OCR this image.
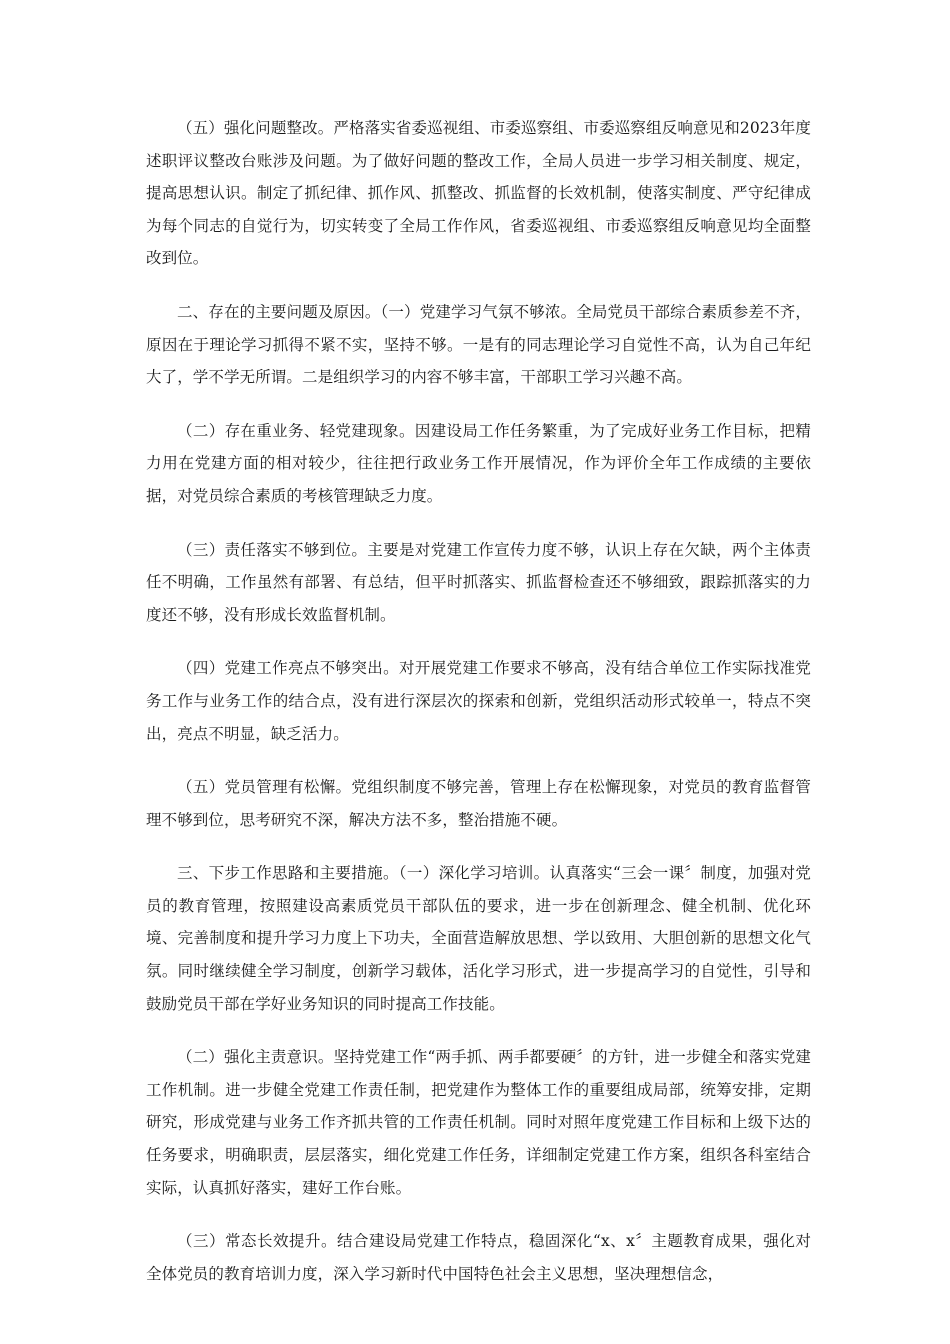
（五）强化问题整改。严格落实省委巡视组、市委巡察组、市委巡察组反响意见和2023年度述职评议整改台账涉及问题。为了做好问题的整改工作，全局人员进一步学习相关制度、规定，提高思想认识。制定了抓纪律、抓作风、抓整改、抓监督的长效机制，使落实制度、严守纪律成为每个同志的自觉行为，切实转变了全局工作作风，省委巡视组、市委巡察组反响意见均全面整改到位。

二、存在的主要问题及原因。（一）党建学习气氛不够浓。全局党员干部综合素质参差不齐，原因在于理论学习抓得不紧不实，坚持不够。一是有的同志理论学习自觉性不高，认为自己年纪大了，学不学无所谓。二是组织学习的内容不够丰富，干部职工学习兴趣不高。

（二）存在重业务、轻党建现象。因建设局工作任务繁重，为了完成好业务工作目标，把精力用在党建方面的相对较少，往往把行政业务工作开展情况，作为评价全年工作成绩的主要依据，对党员综合素质的考核管理缺乏力度。

（三）责任落实不够到位。主要是对党建工作宣传力度不够，认识上存在欠缺，两个主体责任不明确，工作虽然有部署、有总结，但平时抓落实、抓监督检查还不够细致，跟踪抓落实的力度还不够，没有形成长效监督机制。

（四）党建工作亮点不够突出。对开展党建工作要求不够高，没有结合单位工作实际找准党务工作与业务工作的结合点，没有进行深层次的探索和创新，党组织活动形式较单一，特点不突出，亮点不明显，缺乏活力。

（五）党员管理有松懈。党组织制度不够完善，管理上存在松懈现象，对党员的教育监督管理不够到位，思考研究不深，解决方法不多，整治措施不硬。

三、下步工作思路和主要措施。（一）深化学习培训。认真落实“三会一课〞制度，加强对党员的教育管理，按照建设高素质党员干部队伍的要求，进一步在创新理念、健全机制、优化环境、完善制度和提升学习力度上下功夫，全面营造解放思想、学以致用、大胆创新的思想文化气氛。同时继续健全学习制度，创新学习载体，活化学习形式，进一步提高学习的自觉性，引导和鼓励党员干部在学好业务知识的同时提高工作技能。

（二）强化主责意识。坚持党建工作“两手抓、两手都要硬〞的方针，进一步健全和落实党建工作机制。进一步健全党建工作责任制，把党建作为整体工作的重要组成局部，统筹安排，定期研究，形成党建与业务工作齐抓共管的工作责任机制。同时对照年度党建工作目标和上级下达的任务要求，明确职责，层层落实，细化党建工作任务，详细制定党建工作方案，组织各科室结合实际，认真抓好落实，建好工作台账。

（三）常态长效提升。结合建设局党建工作特点，稳固深化“x、x〞主题教育成果，强化对全体党员的教育培训力度，深入学习新时代中国特色社会主义思想，坚决理想信念，
